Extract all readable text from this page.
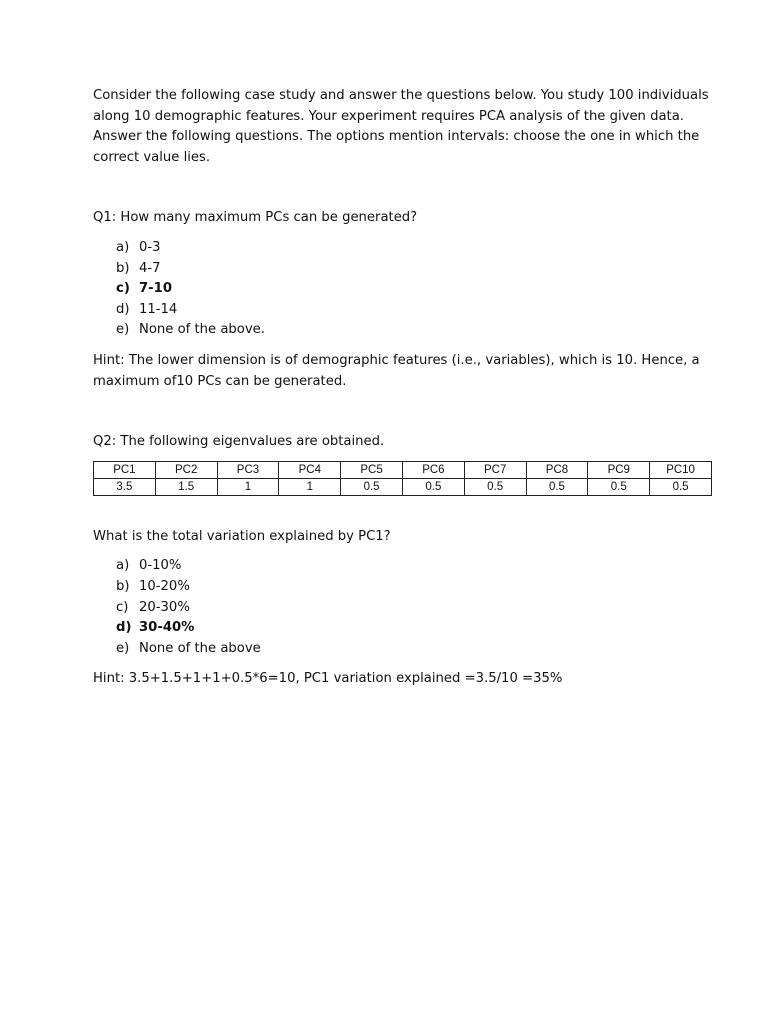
Consider the following case study and answer the questions below. You study 100 individuals along 10 demographic features. Your experiment requires PCA analysis of the given data. Answer the following questions. The options mention intervals: choose the one in which the correct value lies.

Q1: How many maximum PCs can be generated?

a) 0-3
b) 4-7
c) 7-10
d) 11-14
e) None of the above.

Hint: The lower dimension is of demographic features (i.e., variables), which is 10. Hence, a maximum of10 PCs can be generated.

Q2: The following eigenvalues are obtained.

PC1	PC2	PC3	PC4	PC5	PC6	PC7	PC8	PC9	PC10
3.5	1.5	1	1	0.5	0.5	0.5	0.5	0.5	0.5

What is the total variation explained by PC1?

a) 0-10%
b) 10-20%
c) 20-30%
d) 30-40%
e) None of the above

Hint: 3.5+1.5+1+1+0.5*6=10, PC1 variation explained =3.5/10 =35%
